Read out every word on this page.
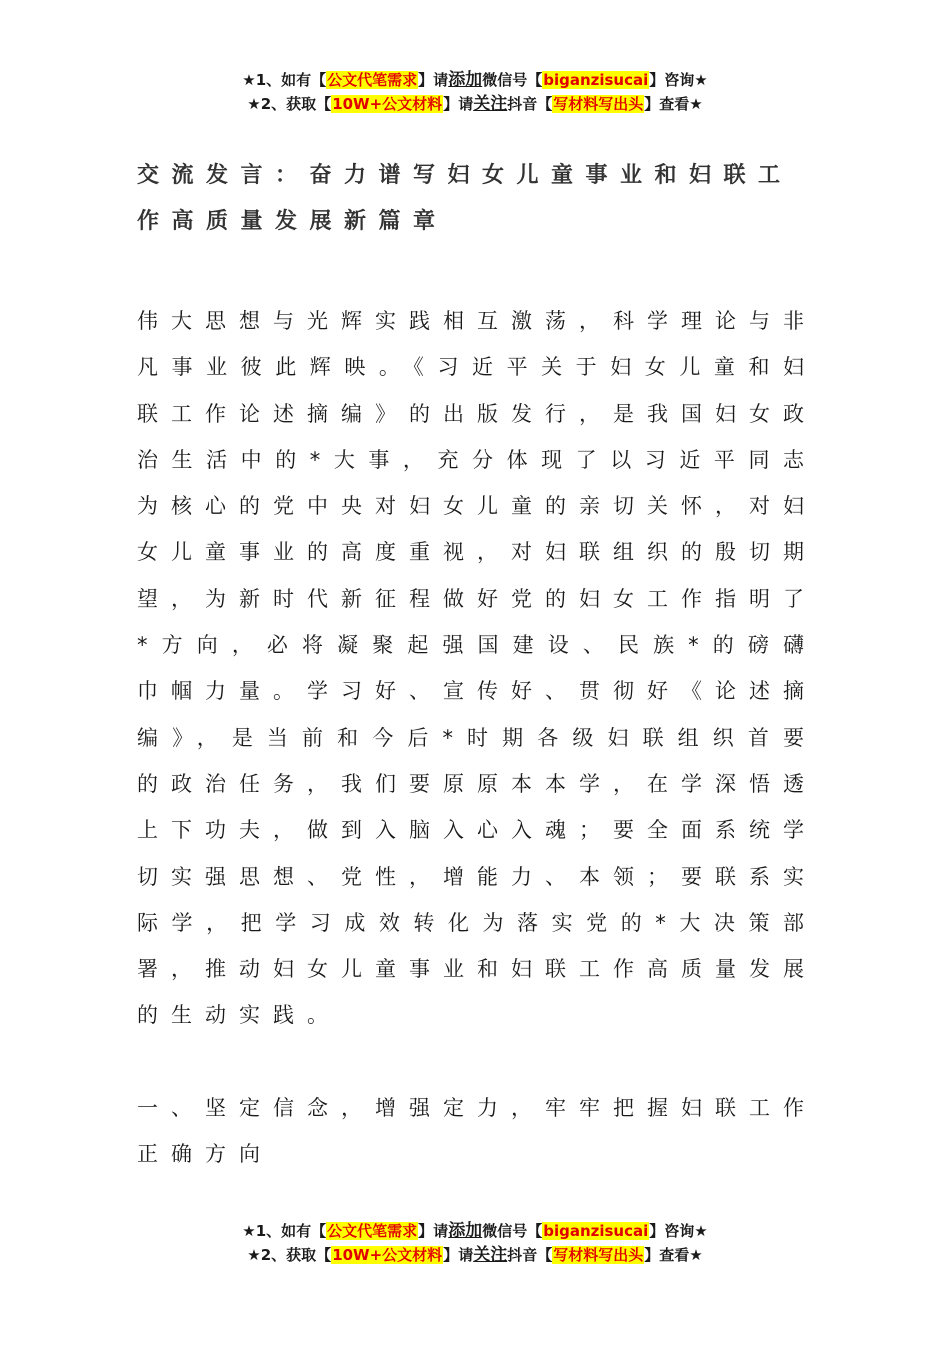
★1、如有【公文代笔需求】请添加微信号【biganzisucai】咨询★
★2、获取【10W+公文材料】请关注抖音【写材料写出头】查看★
交流发言：奋力谱写妇女儿童事业和妇联工作高质量发展新篇章
伟大思想与光辉实践相互激荡，科学理论与非凡事业彼此辉映。《习近平关于妇女儿童和妇联工作论述摘编》的出版发行，是我国妇女政治生活中的*大事，充分体现了以习近平同志为核心的党中央对妇女儿童的亲切关怀，对妇女儿童事业的高度重视，对妇联组织的殷切期望，为新时代新征程做好党的妇女工作指明了*方向，必将凝聚起强国建设、民族*的磅礴巾帼力量。学习好、宣传好、贯彻好《论述摘编》，是当前和今后*时期各级妇联组织首要的政治任务，我们要原原本本学，在学深悟透上下功夫，做到入脑入心入魂；要全面系统学切实强思想、党性，增能力、本领；要联系实际学，把学习成效转化为落实党的*大决策部署，推动妇女儿童事业和妇联工作高质量发展的生动实践。
一、坚定信念，增强定力，牢牢把握妇联工作正确方向
★1、如有【公文代笔需求】请添加微信号【biganzisucai】咨询★
★2、获取【10W+公文材料】请关注抖音【写材料写出头】查看★
